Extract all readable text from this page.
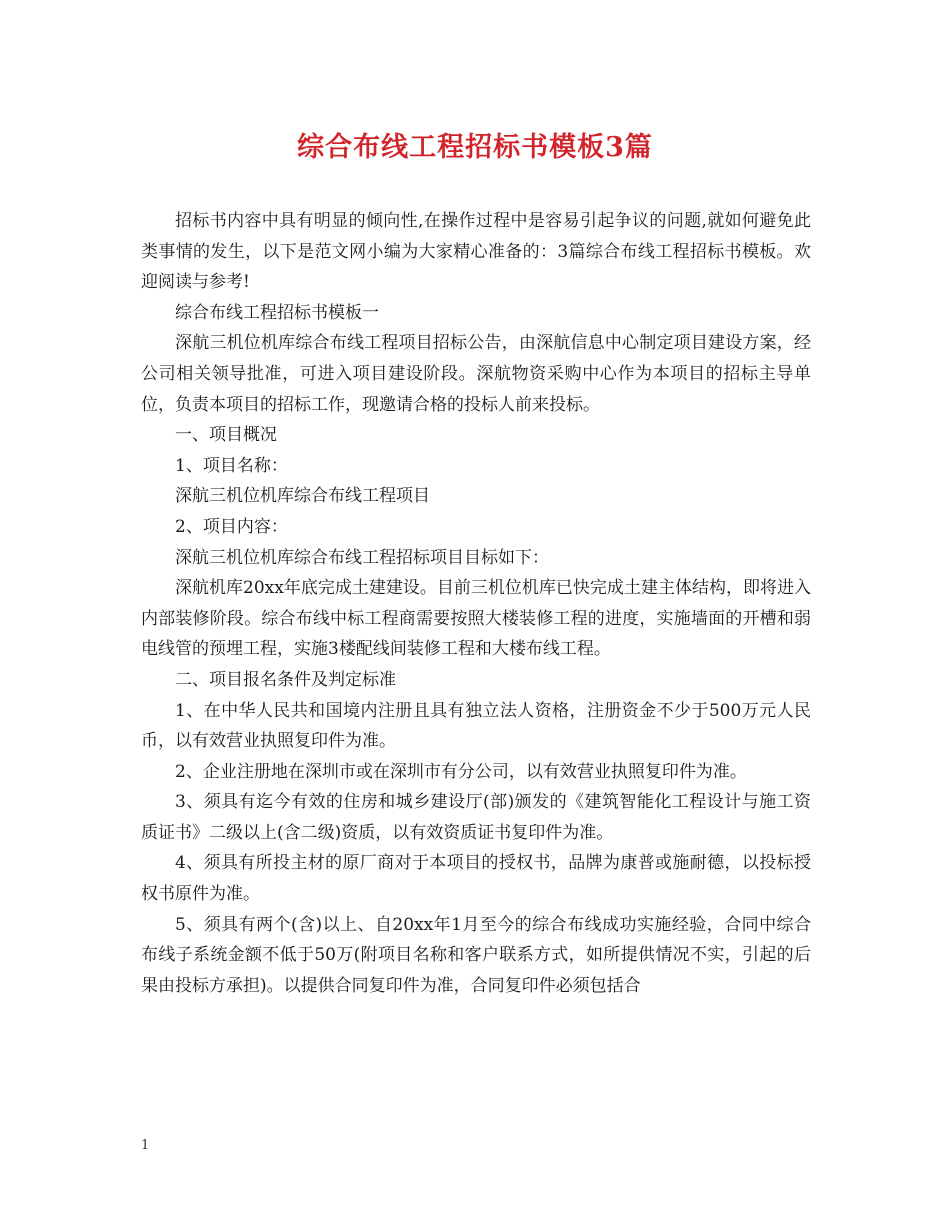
综合布线工程招标书模板3篇

招标书内容中具有明显的倾向性,在操作过程中是容易引起争议的问题,就如何避免此类事情的发生，以下是范文网小编为大家精心准备的：3篇综合布线工程招标书模板。欢迎阅读与参考!

综合布线工程招标书模板一

深航三机位机库综合布线工程项目招标公告，由深航信息中心制定项目建设方案，经公司相关领导批准，可进入项目建设阶段。深航物资采购中心作为本项目的招标主导单位，负责本项目的招标工作，现邀请合格的投标人前来投标。

一、项目概况

1、项目名称：

深航三机位机库综合布线工程项目

2、项目内容：

深航三机位机库综合布线工程招标项目目标如下：

深航机库20xx年底完成土建建设。目前三机位机库已快完成土建主体结构，即将进入内部装修阶段。综合布线中标工程商需要按照大楼装修工程的进度，实施墙面的开槽和弱电线管的预埋工程，实施3楼配线间装修工程和大楼布线工程。

二、项目报名条件及判定标准

1、在中华人民共和国境内注册且具有独立法人资格，注册资金不少于500万元人民币，以有效营业执照复印件为准。

2、企业注册地在深圳市或在深圳市有分公司，以有效营业执照复印件为准。

3、须具有迄今有效的住房和城乡建设厅(部)颁发的《建筑智能化工程设计与施工资质证书》二级以上(含二级)资质，以有效资质证书复印件为准。

4、须具有所投主材的原厂商对于本项目的授权书，品牌为康普或施耐德，以投标授权书原件为准。

5、须具有两个(含)以上、自20xx年1月至今的综合布线成功实施经验，合同中综合布线子系统金额不低于50万(附项目名称和客户联系方式，如所提供情况不实，引起的后果由投标方承担)。以提供合同复印件为准，合同复印件必须包括合

1
